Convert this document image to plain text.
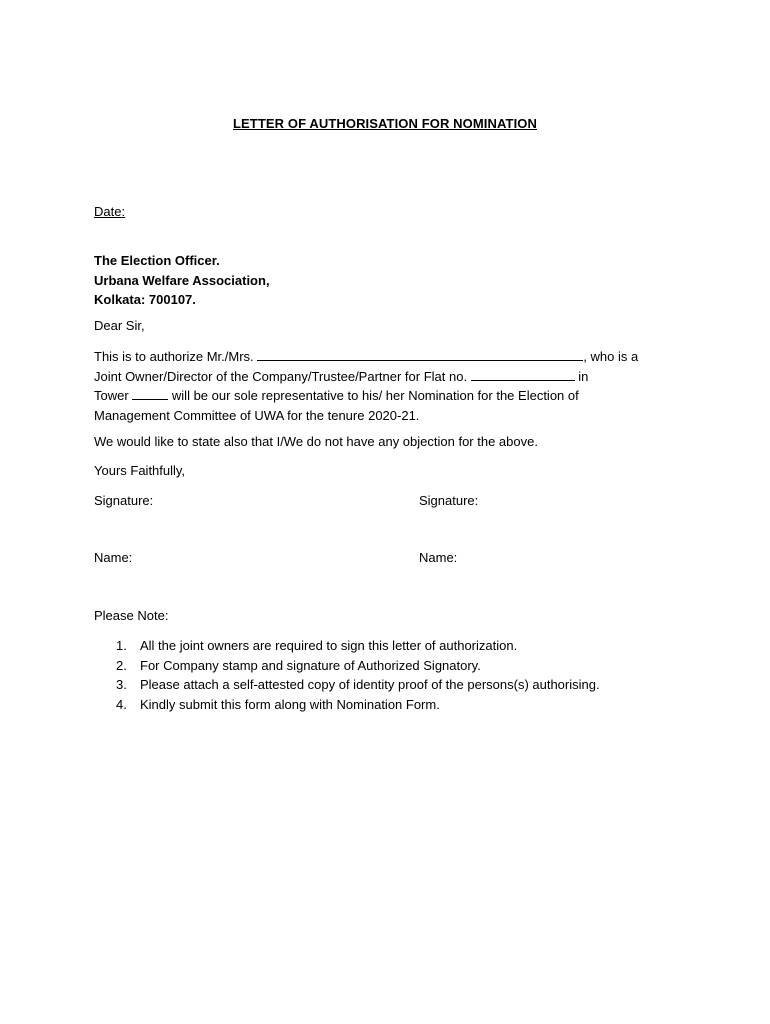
LETTER OF AUTHORISATION FOR NOMINATION
Date:
The Election Officer.
Urbana Welfare Association,
Kolkata: 700107.
Dear Sir,
This is to authorize Mr./Mrs.	, who is a
Joint Owner/Director of the Company/Trustee/Partner for Flat no.	in
Tower	will be our sole representative to his/ her Nomination for the Election of
Management Committee of UWA for the tenure 2020-21.
We would like to state also that I/We do not have any objection for the above.
Yours Faithfully,
Signature:	Signature:
Name:	Name:
Please Note:
1. All the joint owners are required to sign this letter of authorization.
2. For Company stamp and signature of Authorized Signatory.
3. Please attach a self-attested copy of identity proof of the persons(s) authorising.
4. Kindly submit this form along with Nomination Form.
